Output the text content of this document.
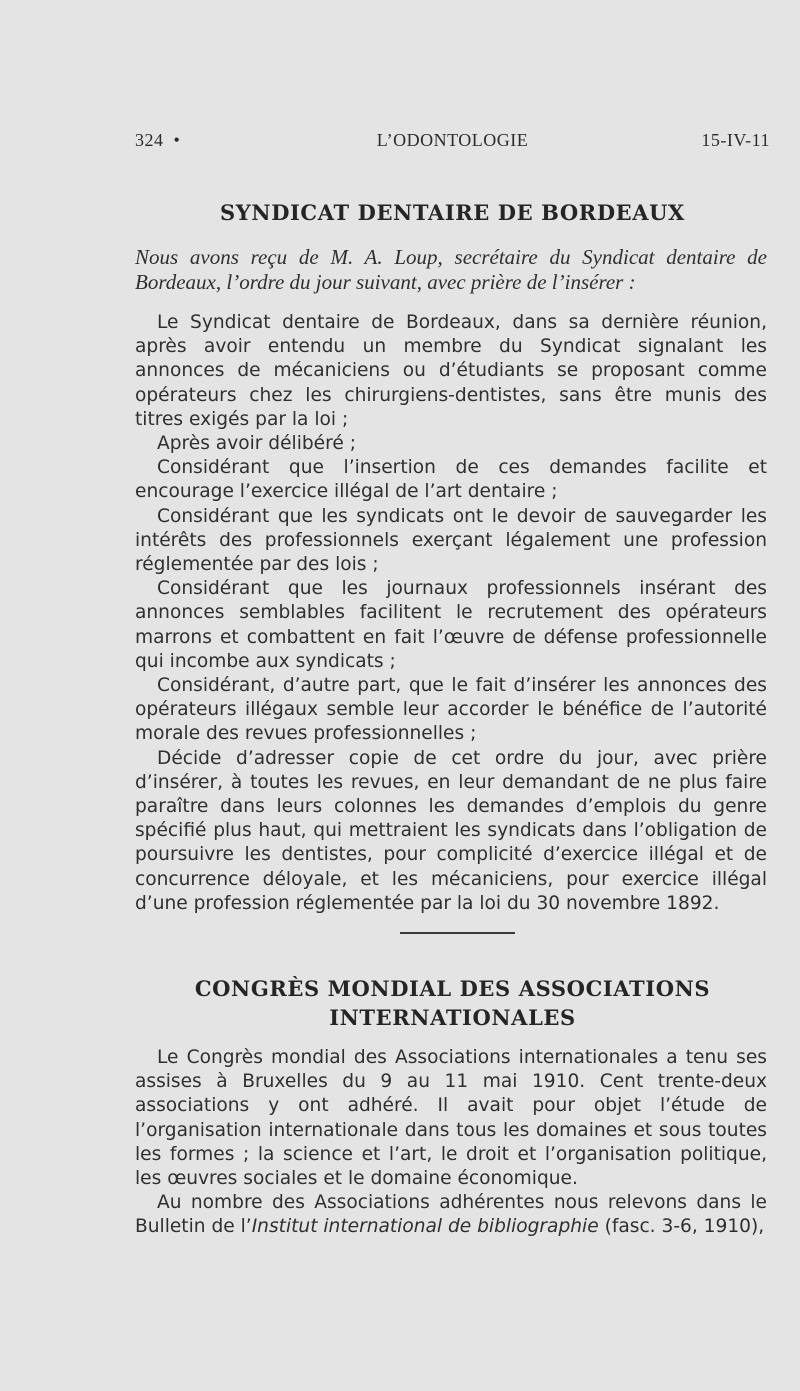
324 •	L’ODONTOLOGIE	15-IV-11
SYNDICAT DENTAIRE DE BORDEAUX
Nous avons reçu de M. A. Loup, secrétaire du Syndicat dentaire de Bordeaux, l’ordre du jour suivant, avec prière de l’insérer :

Le Syndicat dentaire de Bordeaux, dans sa dernière réunion, après avoir entendu un membre du Syndicat signalant les annonces de mécaniciens ou d’étudiants se proposant comme opérateurs chez les chirurgiens-dentistes, sans être munis des titres exigés par la loi ;

Après avoir délibéré ;

Considérant que l’insertion de ces demandes facilite et encourage l’exercice illégal de l’art dentaire ;

Considérant que les syndicats ont le devoir de sauvegarder les intérêts des professionnels exerçant légalement une profession réglementée par des lois ;

Considérant que les journaux professionnels insérant des annonces semblables facilitent le recrutement des opérateurs marrons et combattent en fait l’œuvre de défense professionnelle qui incombe aux syndicats ;

Considérant, d’autre part, que le fait d’insérer les annonces des opérateurs illégaux semble leur accorder le bénéfice de l’autorité morale des revues professionnelles ;

Décide d’adresser copie de cet ordre du jour, avec prière d’insérer, à toutes les revues, en leur demandant de ne plus faire paraître dans leurs colonnes les demandes d’emplois du genre spécifié plus haut, qui mettraient les syndicats dans l’obligation de poursuivre les dentistes, pour complicité d’exercice illégal et de concurrence déloyale, et les mécaniciens, pour exercice illégal d’une profession réglementée par la loi du 30 novembre 1892.

CONGRÈS MONDIAL DES ASSOCIATIONS
INTERNATIONALES

Le Congrès mondial des Associations internationales a tenu ses assises à Bruxelles du 9 au 11 mai 1910. Cent trente-deux associations y ont adhéré. Il avait pour objet l’étude de l’organisation internationale dans tous les domaines et sous toutes les formes ; la science et l’art, le droit et l’organisation politique, les œuvres sociales et le domaine économique.

Au nombre des Associations adhérentes nous relevons dans le Bulletin de l’Institut international de bibliographie (fasc. 3-6, 1910),
